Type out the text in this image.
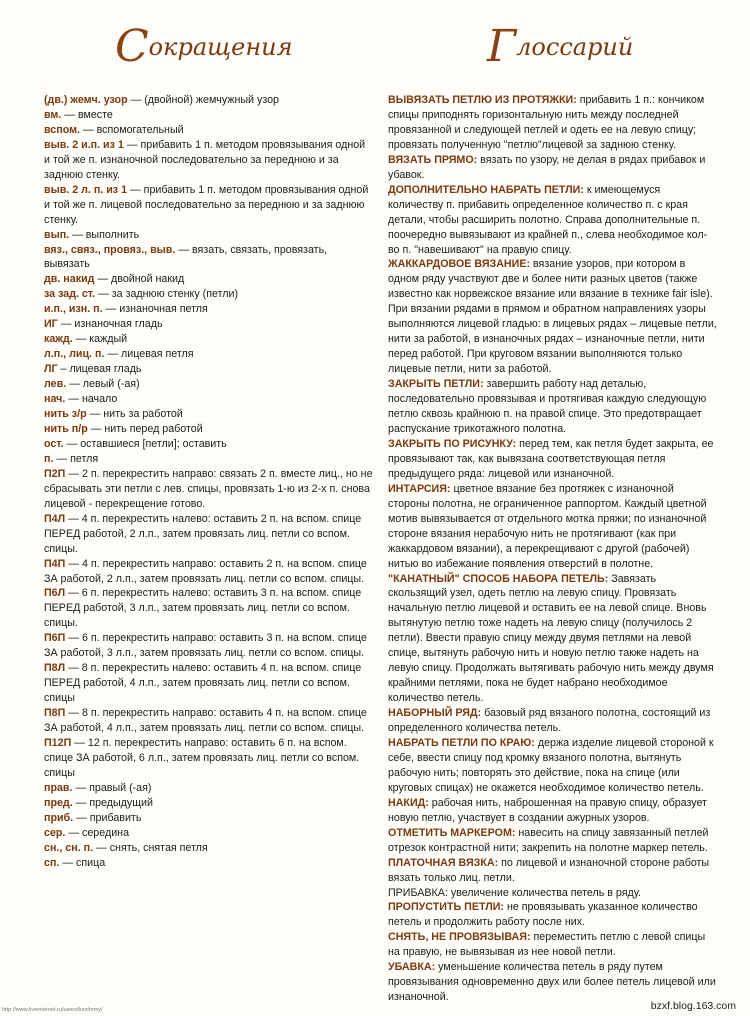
Сокращения	Глоссарий

(дв.) жемч. узор — (двойной) жемчужный узор

вм. — вместе

вспом. — вспомогательный

выв. 2 и.п. из 1 — прибавить 1 п. методом провязывания одной и той же п. изнаночной последовательно за переднюю и за заднюю стенку.

выв. 2 л. п. из 1 — прибавить 1 п. методом провязывания одной и той же п. лицевой последовательно за переднюю и за заднюю стенку.

вып. — выполнить

вяз., связ., провяз., выв. — вязать, связать, провязать, вывязать

дв. накид — двойной накид

за зад. ст. — за заднюю стенку (петли)

и.п., изн. п. — изнаночная петля

ИГ — изнаночная гладь

кажд. — каждый

л.п., лиц. п. — лицевая петля

ЛГ – лицевая гладь

лев. — левый (-ая)

нач. — начало

нить з/р — нить за работой

нить п/р — нить перед работой

ост. — оставшиеся [петли]; оставить

п. — петля

П2П — 2 п. перекрестить направо: связать 2 п. вместе лиц., но не сбрасывать эти петли с лев. спицы, провязать 1-ю из 2-х п. снова лицевой - перекрещение готово.

П4Л — 4 п. перекрестить налево: оставить 2 п. на вспом. спице ПЕРЕД работой, 2 л.п., затем провязать лиц. петли со вспом. спицы.

П4П — 4 п. перекрестить направо: оставить 2 п. на вспом. спице ЗА работой, 2 л.п., затем провязать лиц. петли со вспом. спицы.

П6Л — 6 п. перекрестить налево: оставить 3 п. на вспом. спице ПЕРЕД работой, 3 л.п., затем провязать лиц. петли со вспом. спицы.

П6П — 6 п. перекрестить направо: оставить 3 п. на вспом. спице ЗА работой, 3 л.п., затем провязать лиц. петли со вспом. спицы.

П8Л — 8 п. перекрестить налево: оставить 4 п. на вспом. спице ПЕРЕД работой, 4 л.п., затем провязать лиц. петли со вспом. спицы

П8П — 8 п. перекрестить направо: оставить 4 п. на вспом. спице ЗА работой, 4 л.п., затем провязать лиц. петли со вспом. спицы.

П12П — 12 п. перекрестить направо: оставить 6 п. на вспом. спице ЗА работой, 6 л.п., затем провязать лиц. петли со вспом. спицы

прав. — правый (-ая)

пред. — предыдущий

приб. — прибавить

сер. — середина

сн., сн. п. — снять, снятая петля

сп. — спица

ВЫВЯЗАТЬ ПЕТЛЮ ИЗ ПРОТЯЖКИ: прибавить 1 п.: кончиком спицы приподнять горизонтальную нить между последней провязанной и следующей петлей и одеть ее на левую спицу; провязать полученную "петлю"лицевой за заднюю стенку.

ВЯЗАТЬ ПРЯМО: вязать по узору, не делая в рядах прибавок и убавок.

ДОПОЛНИТЕЛЬНО НАБРАТЬ ПЕТЛИ: к имеющемуся количеству п. прибавить определенное количество п. с края детали, чтобы расширить полотно. Справа дополнительные п. поочередно вывязывают из крайней п., слева необходимое кол-во п. "навешивают" на правую спицу.

ЖАККАРДОВОЕ ВЯЗАНИЕ: вязание узоров, при котором в одном ряду участвуют две и более нити разных цветов (также известно как норвежское вязание или вязание в технике fair isle). При вязании рядами в прямом и обратном направлениях узоры выполняются лицевой гладью: в лицевых рядах – лицевые петли, нити за работой, в изнаночных рядах – изнаночные петли, нити перед работой. При круговом вязании выполняются только лицевые петли, нити за работой.

ЗАКРЫТЬ ПЕТЛИ: завершить работу над деталью, последовательно провязывая и протягивая каждую следующую петлю сквозь крайнюю п. на правой спице. Это предотвращает распускание трикотажного полотна.

ЗАКРЫТЬ ПО РИСУНКУ: перед тем, как петля будет закрыта, ее провязывают так, как вывязана соответствующая петля предыдущего ряда: лицевой или изнаночной.

ИНТАРСИЯ: цветное вязание без протяжек с изнаночной стороны полотна, не ограниченное раппортом. Каждый цветной мотив вывязывается от отдельного мотка пряжи; по изнаночной стороне вязания нерабочую нить не протягивают (как при жаккардовом вязании), а перекрещивают с другой (рабочей) нитью во избежание появления отверстий в полотне.

"КАНАТНЫЙ" СПОСОБ НАБОРА ПЕТЕЛЬ: Завязать скользящий узел, одеть петлю на левую спицу. Провязать начальную петлю лицевой и оставить ее на левой спице. Вновь вытянутую петлю тоже надеть на левую спицу (получилось 2 петли). Ввести правую спицу между двумя петлями на левой спице, вытянуть рабочую нить и новую петлю также надеть на левую спицу. Продолжать вытягивать рабочую нить между двумя крайними петлями, пока не будет набрано необходимое количество петель.

НАБОРНЫЙ РЯД: базовый ряд вязаного полотна, состоящий из определенного количества петель.

НАБРАТЬ ПЕТЛИ ПО КРАЮ: держа изделие лицевой стороной к себе, ввести спицу под кромку вязаного полотна, вытянуть рабочую нить; повторять это действие, пока на спице (или круговых спицах) не окажется необходимое количество петель.

НАКИД: рабочая нить, наброшенная на правую спицу, образует новую петлю, участвует в создании ажурных узоров.

ОТМЕТИТЬ МАРКЕРОМ: навесить на спицу завязанный петлей отрезок контрастной нити; закрепить на полотне маркер петель.

ПЛАТОЧНАЯ ВЯЗКА: по лицевой и изнаночной стороне работы вязать только лиц. петли.

ПРИБАВКА: увеличение количества петель в ряду.

ПРОПУСТИТЬ ПЕТЛИ: не провязывать указанное количество петель и продолжить работу после них.

СНЯТЬ, НЕ ПРОВЯЗЫВАЯ: переместить петлю с левой спицы на правую, не вывязывая из нее новой петли.

УБАВКА: уменьшение количества петель в ряду путем провязывания одновременно двух или более петель лицевой или изнаночной.

http://www.liveinternet.ru/users/bezformy/	bzxf.blog.163.com
